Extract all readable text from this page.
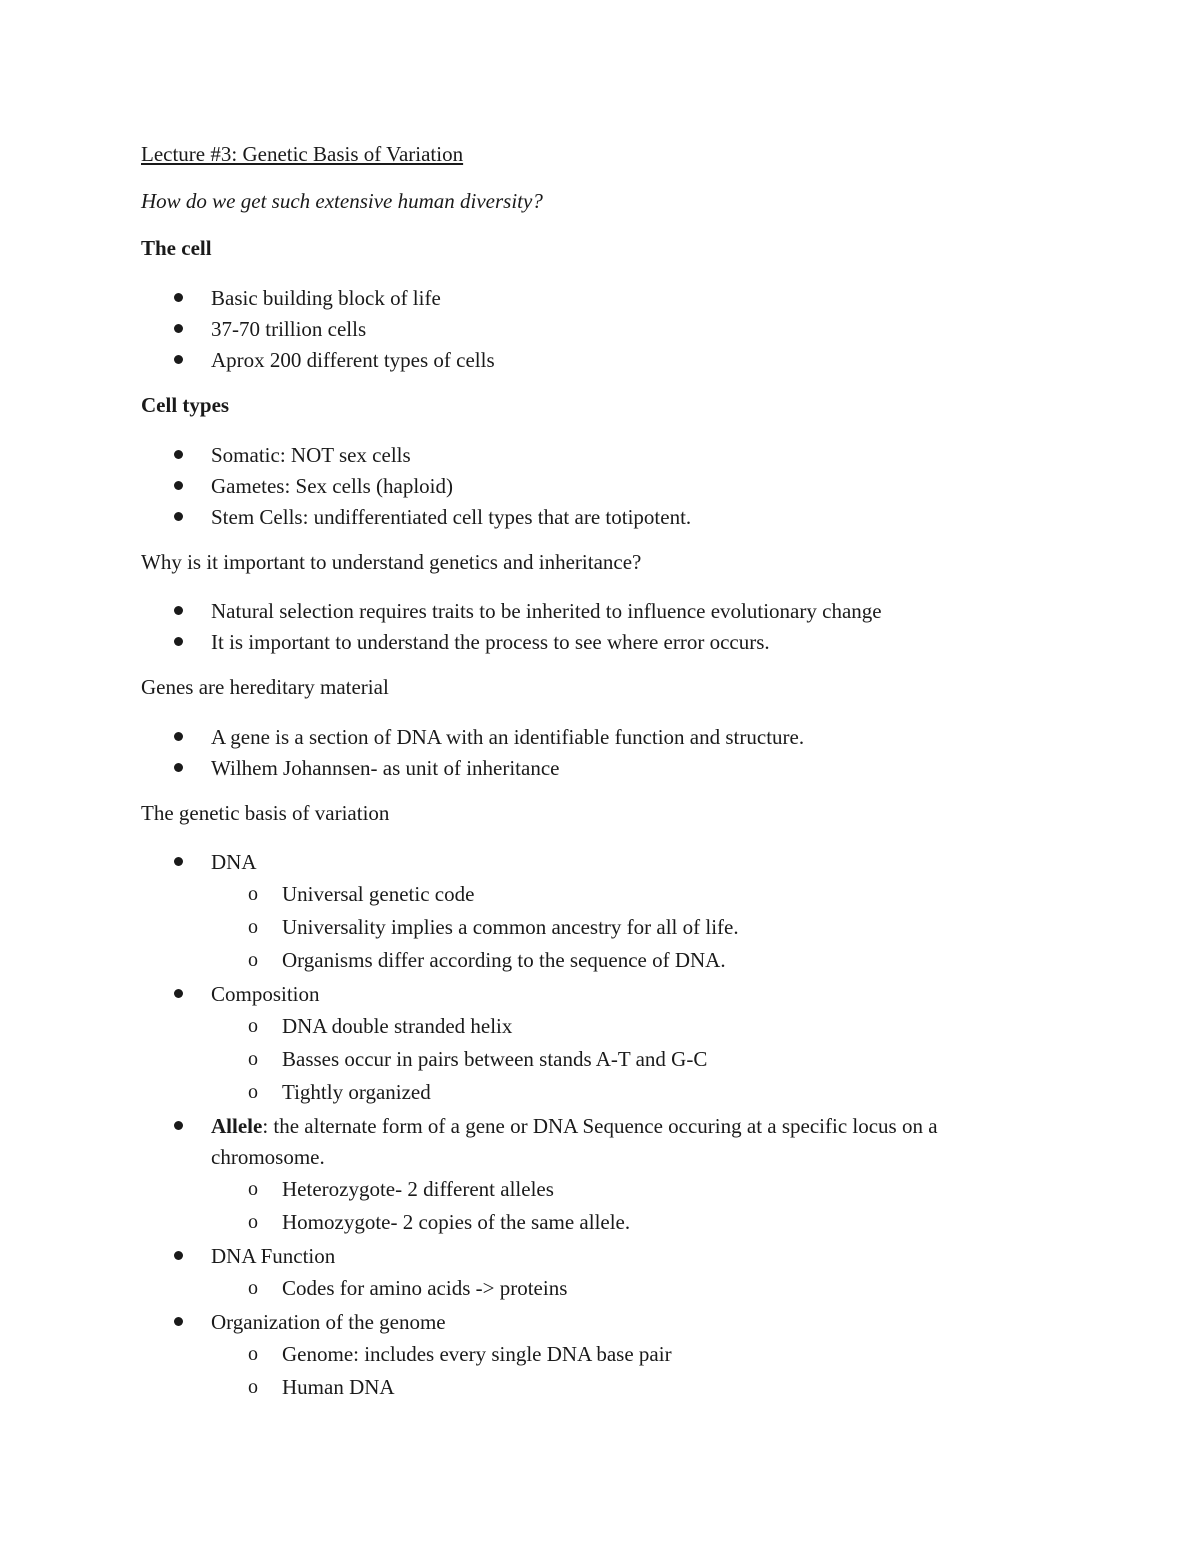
Lecture #3: Genetic Basis of Variation
How do we get such extensive human diversity?
The cell
Basic building block of life
37-70 trillion cells
Aprox 200 different types of cells
Cell types
Somatic: NOT sex cells
Gametes: Sex cells (haploid)
Stem Cells: undifferentiated cell types that are totipotent.
Why is it important to understand genetics and inheritance?
Natural selection requires traits to be inherited to influence evolutionary change
It is important to understand the process to see where error occurs.
Genes are hereditary material
A gene is a section of DNA with an identifiable function and structure.
Wilhem Johannsen- as unit of inheritance
The genetic basis of variation
DNA
o Universal genetic code
o Universality implies a common ancestry for all of life.
o Organisms differ according to the sequence of DNA.
Composition
o DNA double stranded helix
o Basses occur in pairs between stands A-T and G-C
o Tightly organized
Allele: the alternate form of a gene or DNA Sequence occuring at a specific locus on a chromosome.
o Heterozygote- 2 different alleles
o Homozygote- 2 copies of the same allele.
DNA Function
o Codes for amino acids -> proteins
Organization of the genome
o Genome: includes every single DNA base pair
o Human DNA
